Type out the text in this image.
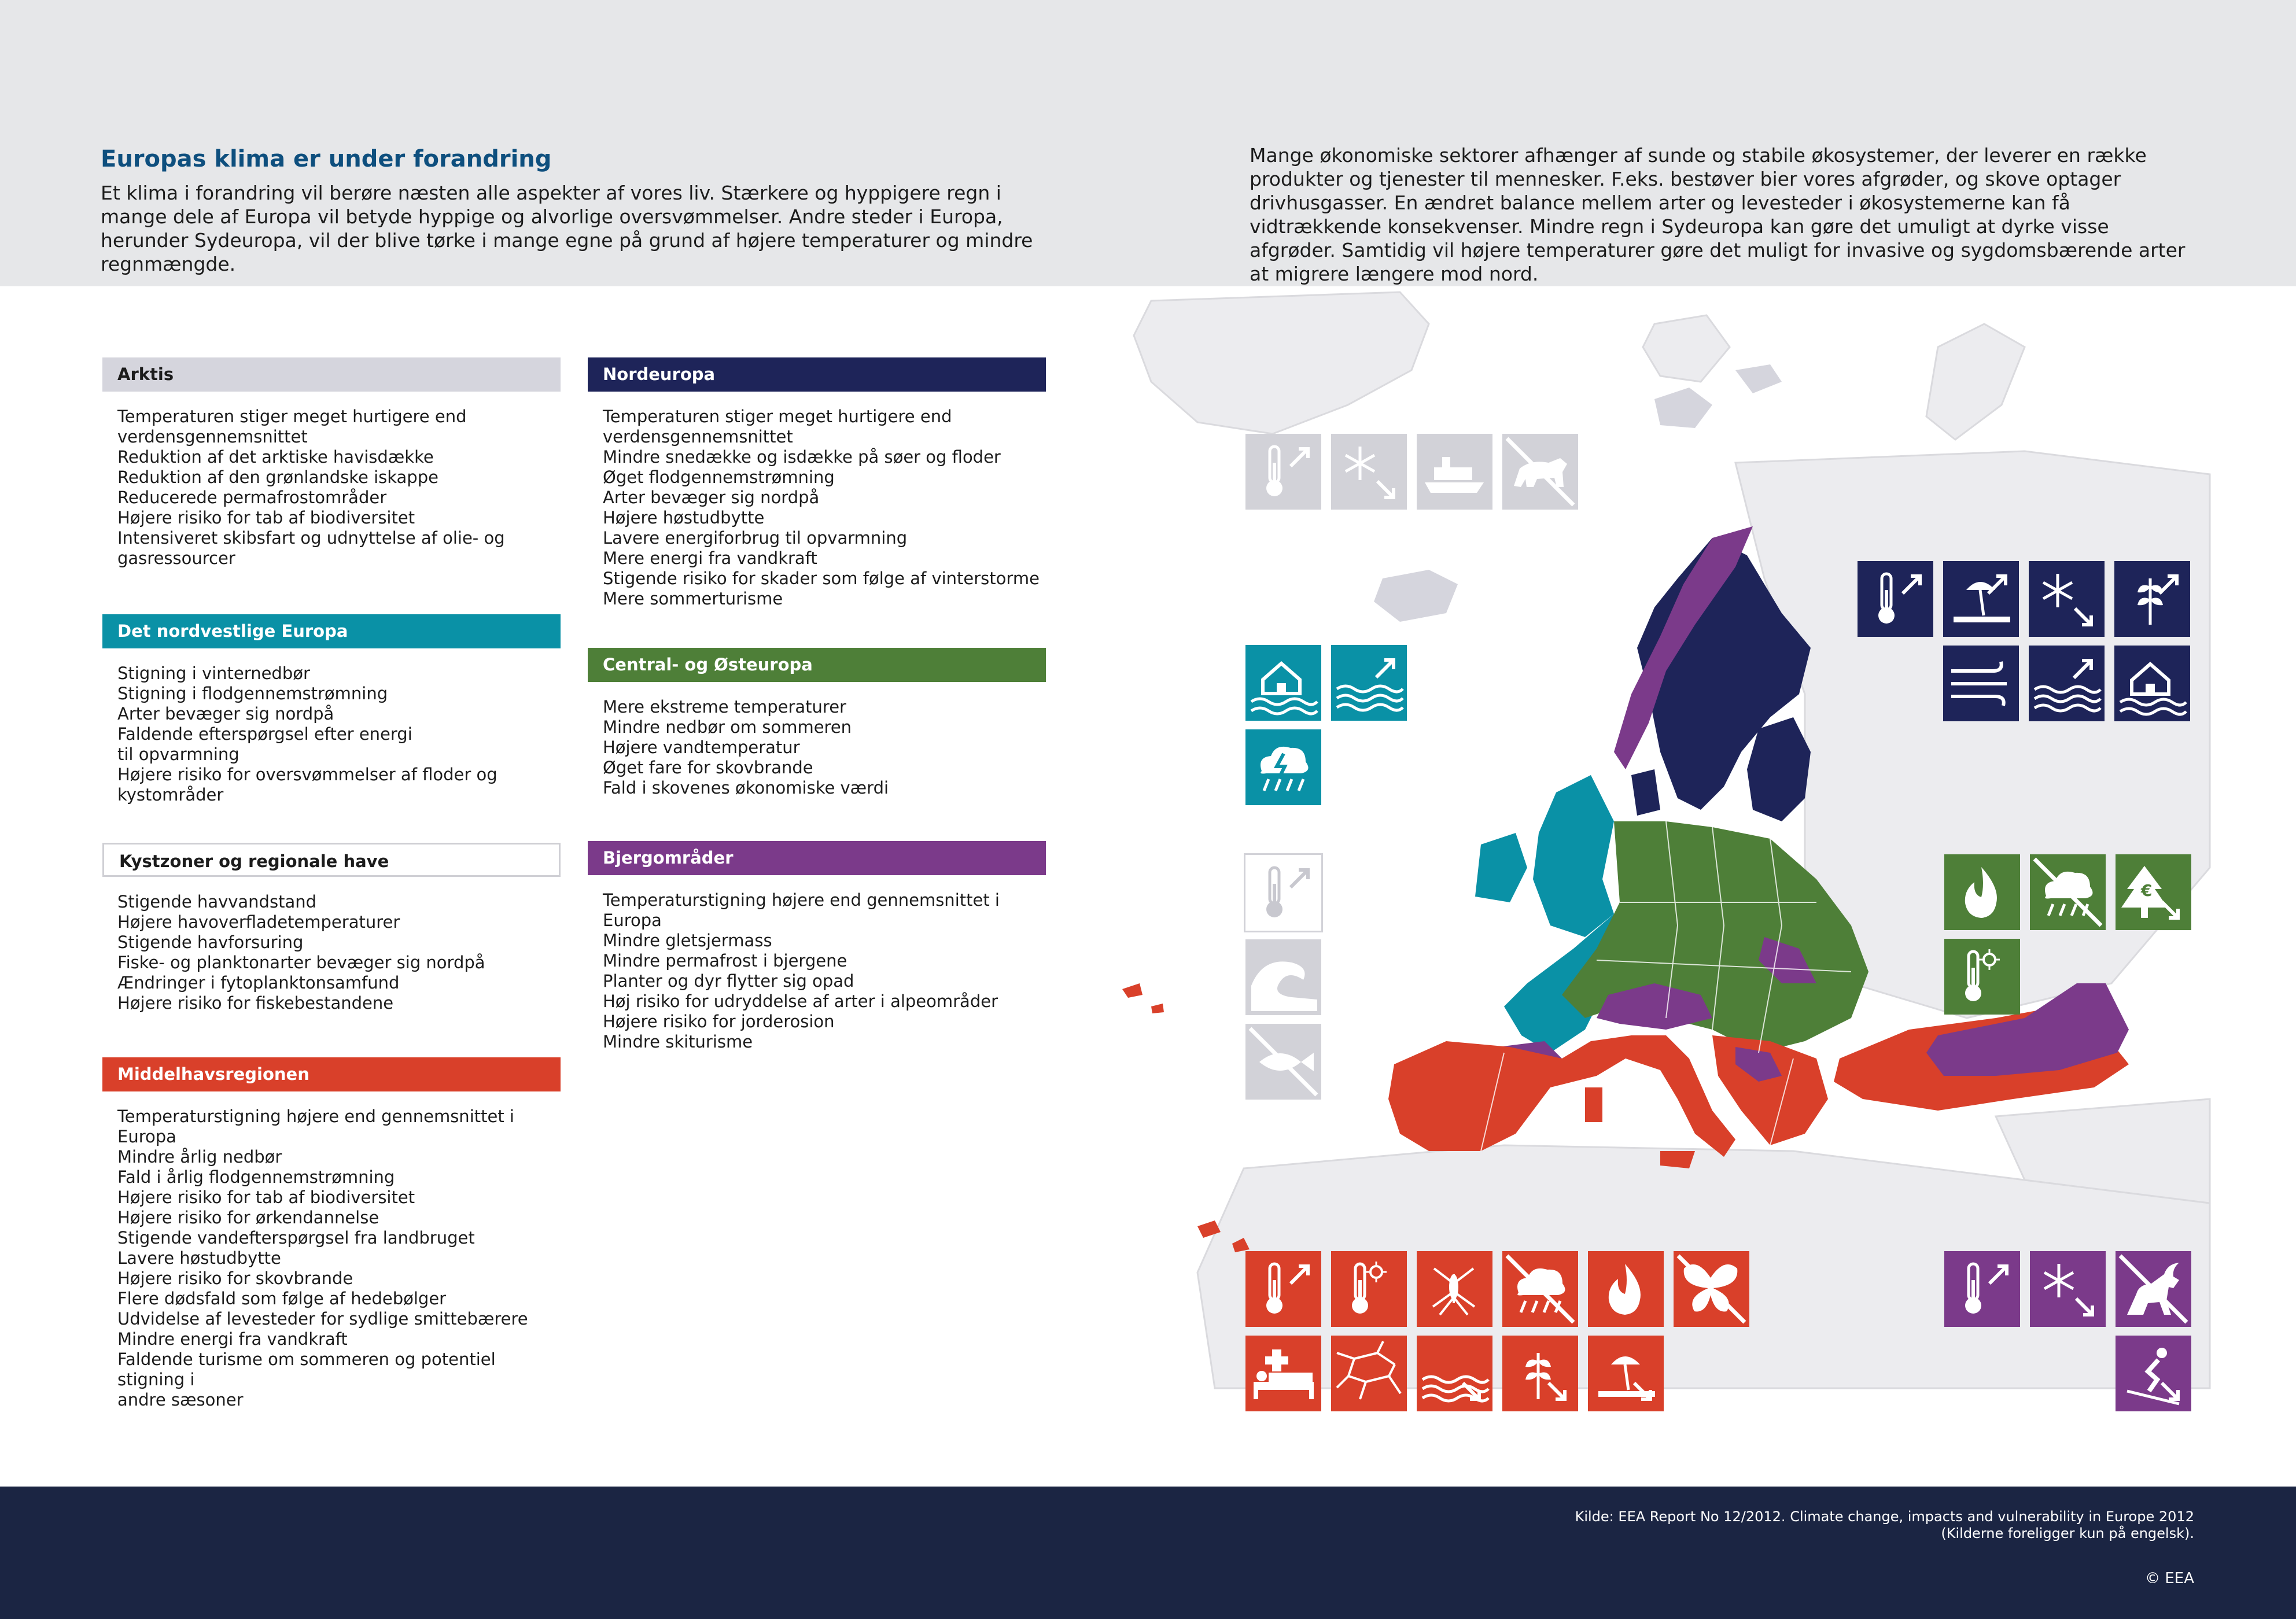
Europas klima er under forandring
Et klima i forandring vil berøre næsten alle aspekter af vores liv. Stærkere og hyppigere regn i mange dele af Europa vil betyde hyppige og alvorlige oversvømmelser. Andre steder i Europa, herunder Sydeuropa, vil der blive tørke i mange egne på grund af højere temperaturer og mindre regnmængde.
Mange økonomiske sektorer afhænger af sunde og stabile økosystemer, der leverer en række produkter og tjenester til mennesker. F.eks. bestøver bier vores afgrøder, og skove optager drivhusgasser. En ændret balance mellem arter og levesteder i økosystemerne kan få vidtrækkende konsekvenser. Mindre regn i Sydeuropa kan gøre det umuligt at dyrke visse afgrøder. Samtidig vil højere temperaturer gøre det muligt for invasive og sygdomsbærende arter at migrere længere mod nord.
Arktis
Temperaturen stiger meget hurtigere end
verdensgennemsnittet
Reduktion af det arktiske havisdække
Reduktion af den grønlandske iskappe
Reducerede permafrostområder
Højere risiko for tab af biodiversitet
Intensiveret skibsfart og udnyttelse af olie- og
gasressourcer
Det nordvestlige Europa
Stigning i vinternedbør
Stigning i flodgennemstrømning
Arter bevæger sig nordpå
Faldende efterspørgsel efter energi
til opvarmning
Højere risiko for oversvømmelser af floder og
kystområder
Kystzoner og regionale have
Stigende havvandstand
Højere havoverfladetemperaturer
Stigende havforsuring
Fiske- og planktonarter bevæger sig nordpå
Ændringer i fytoplanktonsamfund
Højere risiko for fiskebestandene
Middelhavsregionen
Temperaturstigning højere end gennemsnittet i Europa
Mindre årlig nedbør
Fald i årlig flodgennemstrømning
Højere risiko for tab af biodiversitet
Højere risiko for ørkendannelse
Stigende vandefterspørgsel fra landbruget
Lavere høstudbytte
Højere risiko for skovbrande
Flere dødsfald som følge af hedebølger
Udvidelse af levesteder for sydlige smittebærere
Mindre energi fra vandkraft
Faldende turisme om sommeren og potentiel stigning i
andre sæsoner
Nordeuropa
Temperaturen stiger meget hurtigere end
verdensgennemsnittet
Mindre snedække og isdække på søer og floder
Øget flodgennemstrømning
Arter bevæger sig nordpå
Højere høstudbytte
Lavere energiforbrug til opvarmning
Mere energi fra vandkraft
Stigende risiko for skader som følge af vinterstorme
Mere sommerturisme
Central- og Østeuropa
Mere ekstreme temperaturer
Mindre nedbør om sommeren
Højere vandtemperatur
Øget fare for skovbrande
Fald i skovenes økonomiske værdi
Bjergområder
Temperaturstigning højere end gennemsnittet i Europa
Mindre gletsjermass
Mindre permafrost i bjergene
Planter og dyr flytter sig opad
Høj risiko for udryddelse af arter i alpeområder
Højere risiko for jorderosion
Mindre skiturisme
€
Kilde: EEA Report No 12/2012. Climate change, impacts and vulnerability in Europe 2012
(Kilderne foreligger kun på engelsk).
© EEA
